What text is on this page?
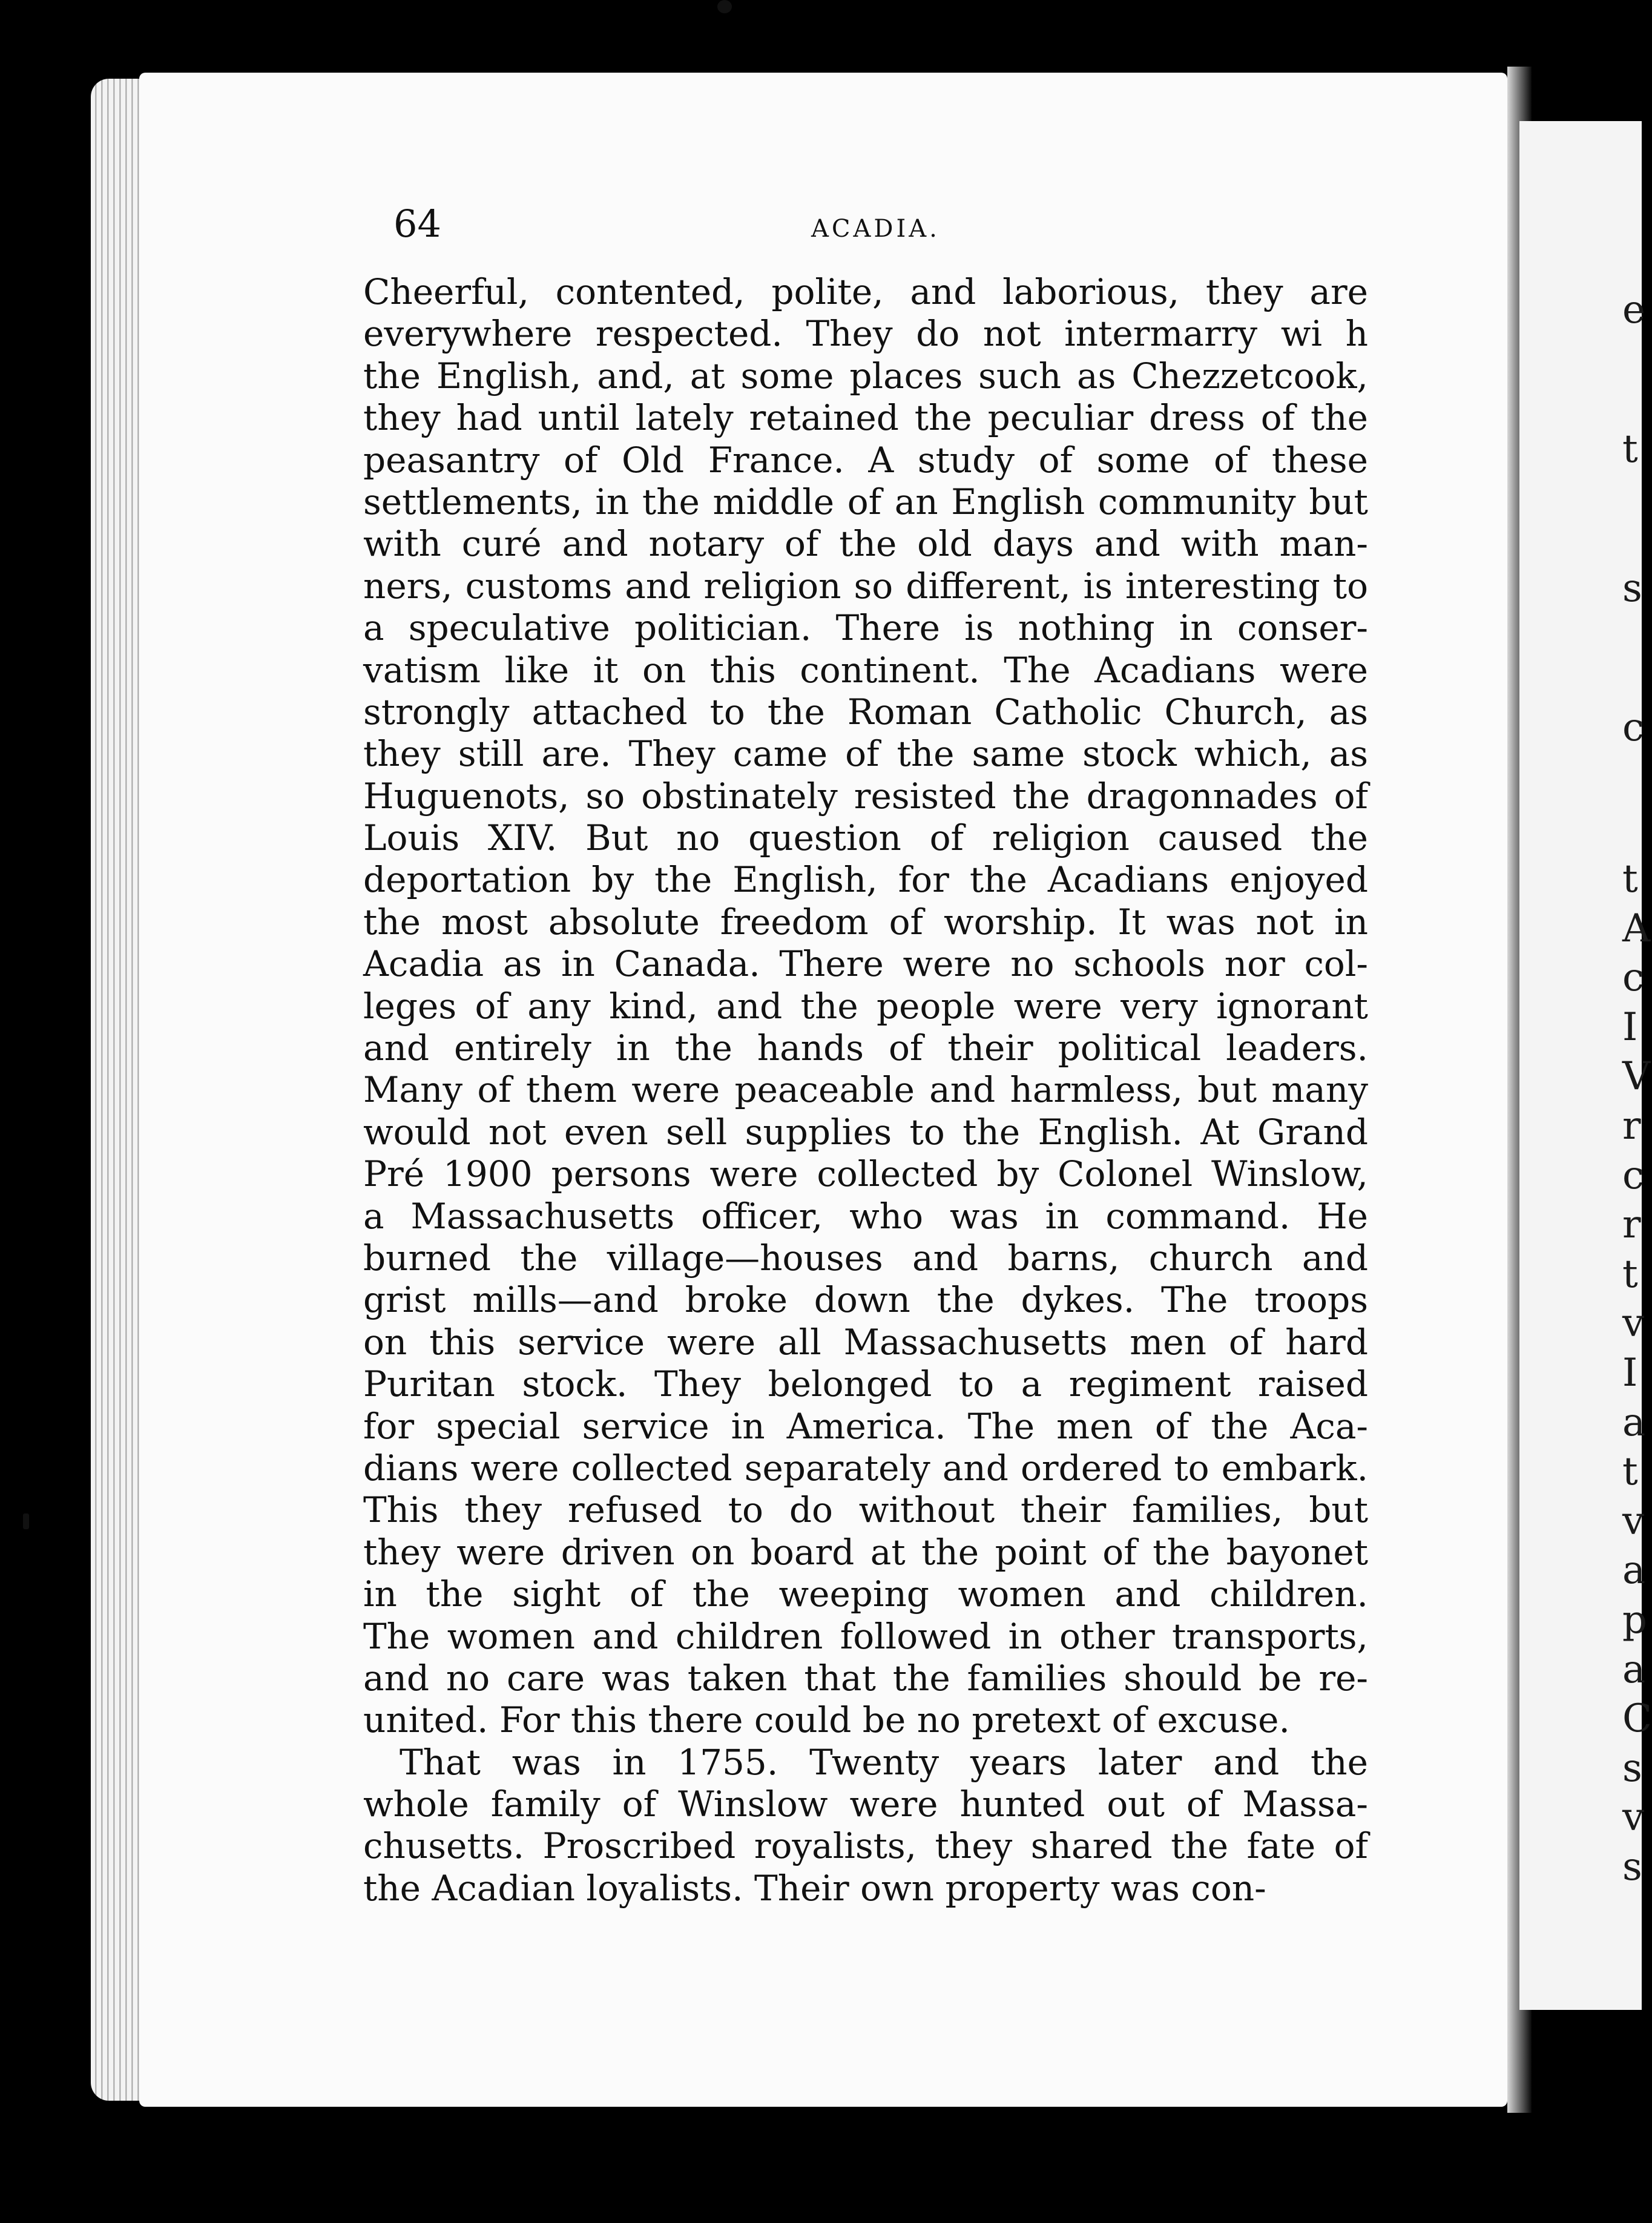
e
t
s
c
t
A
c
I
V
r
c
r
t
v
I
a
t
v
a
p
a
C
s
v
s
64	ACADIA.
Cheerful, contented, polite, and laborious, they are
everywhere respected. They do not intermarry wi h
the English, and, at some places such as Chezzetcook,
they had until lately retained the peculiar dress of the
peasantry of Old France. A study of some of these
settlements, in the middle of an English community but
with curé and notary of the old days and with man-
ners, customs and religion so different, is interesting to
a speculative politician. There is nothing in conser-
vatism like it on this continent. The Acadians were
strongly attached to the Roman Catholic Church, as
they still are. They came of the same stock which, as
Huguenots, so obstinately resisted the dragonnades of
Louis XIV. But no question of religion caused the
deportation by the English, for the Acadians enjoyed
the most absolute freedom of worship. It was not in
Acadia as in Canada. There were no schools nor col-
leges of any kind, and the people were very ignorant
and entirely in the hands of their political leaders.
Many of them were peaceable and harmless, but many
would not even sell supplies to the English. At Grand
Pré 1900 persons were collected by Colonel Winslow,
a Massachusetts officer, who was in command. He
burned the village—houses and barns, church and
grist mills—and broke down the dykes. The troops
on this service were all Massachusetts men of hard
Puritan stock. They belonged to a regiment raised
for special service in America. The men of the Aca-
dians were collected separately and ordered to embark.
This they refused to do without their families, but
they were driven on board at the point of the bayonet
in the sight of the weeping women and children.
The women and children followed in other transports,
and no care was taken that the families should be re-
united. For this there could be no pretext of excuse.
That was in 1755. Twenty years later and the
whole family of Winslow were hunted out of Massa-
chusetts. Proscribed royalists, they shared the fate of
the Acadian loyalists. Their own property was con-
